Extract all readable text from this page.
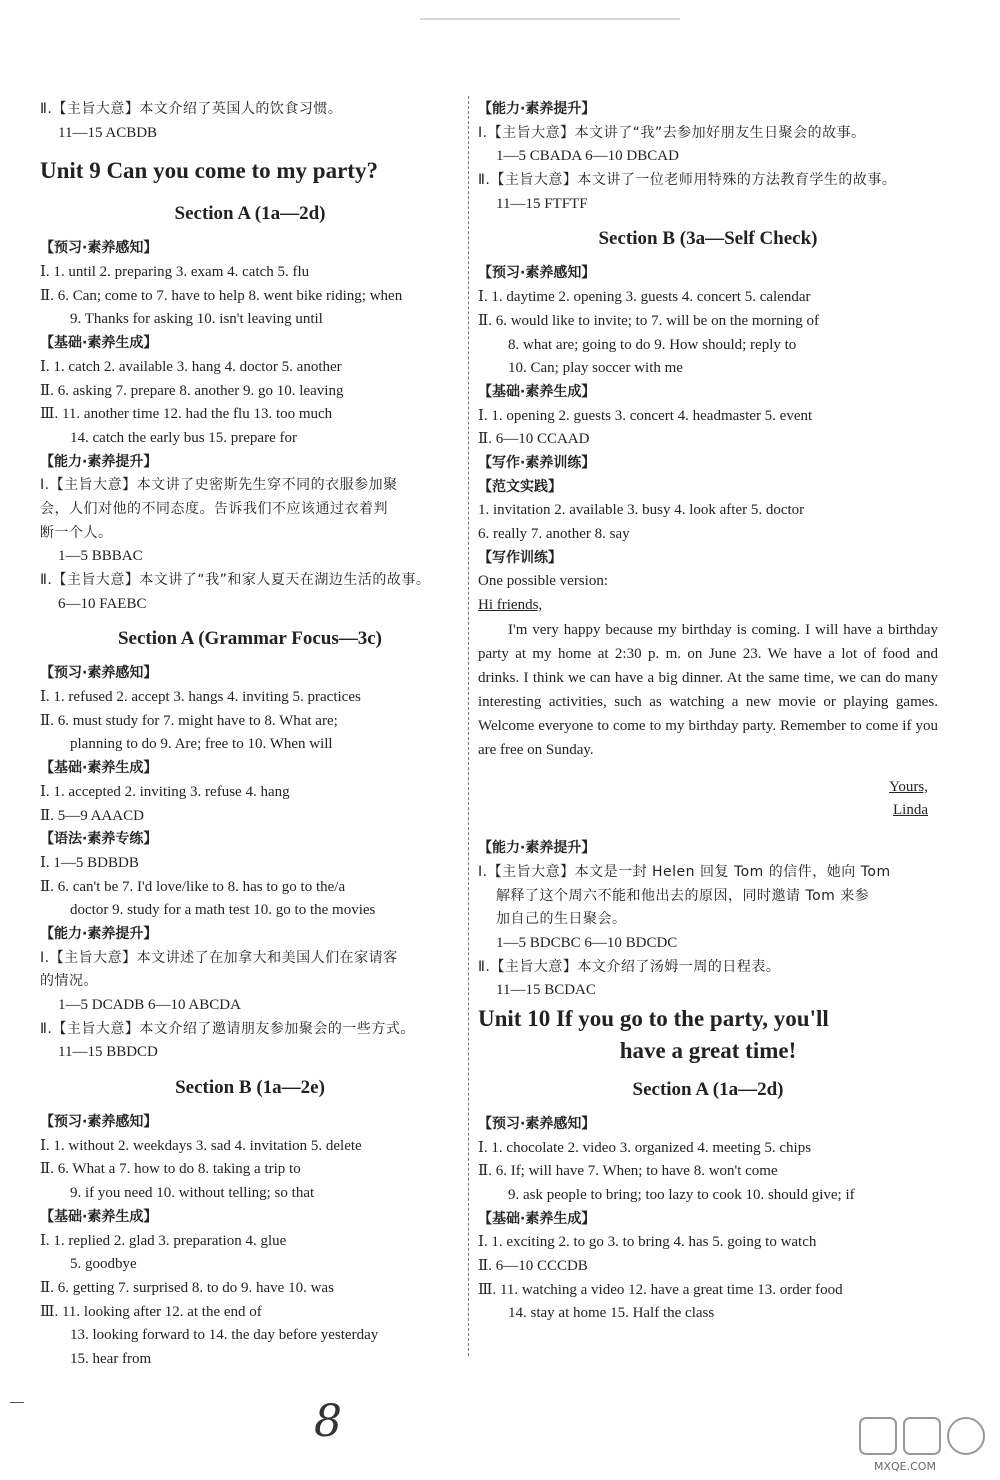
Ⅱ.【主旨大意】本文介绍了英国人的饮食习惯。
11—15 ACBDB
Unit 9 Can you come to my party?
Section A (1a—2d)
【预习·素养感知】
Ⅰ. 1. until 2. preparing 3. exam 4. catch 5. flu
Ⅱ. 6. Can; come to 7. have to help 8. went bike riding; when
9. Thanks for asking 10. isn't leaving until
【基础·素养生成】
Ⅰ. 1. catch 2. available 3. hang 4. doctor 5. another
Ⅱ. 6. asking 7. prepare 8. another 9. go 10. leaving
Ⅲ. 11. another time 12. had the flu 13. too much
14. catch the early bus 15. prepare for
【能力·素养提升】
Ⅰ.【主旨大意】本文讲了史密斯先生穿不同的衣服参加聚
会，人们对他的不同态度。告诉我们不应该通过衣着判
断一个人。
1—5 BBBAC
Ⅱ.【主旨大意】本文讲了“我”和家人夏天在湖边生活的故事。
6—10 FAEBC
Section A (Grammar Focus—3c)
【预习·素养感知】
Ⅰ. 1. refused 2. accept 3. hangs 4. inviting 5. practices
Ⅱ. 6. must study for 7. might have to 8. What are;
planning to do 9. Are; free to 10. When will
【基础·素养生成】
Ⅰ. 1. accepted 2. inviting 3. refuse 4. hang
Ⅱ. 5—9 AAACD
【语法·素养专练】
Ⅰ. 1—5 BDBDB
Ⅱ. 6. can't be 7. I'd love/like to 8. has to go to the/a
doctor 9. study for a math test 10. go to the movies
【能力·素养提升】
Ⅰ.【主旨大意】本文讲述了在加拿大和美国人们在家请客
的情况。
1—5 DCADB 6—10 ABCDA
Ⅱ.【主旨大意】本文介绍了邀请朋友参加聚会的一些方式。
11—15 BBDCD
Section B (1a—2e)
【预习·素养感知】
Ⅰ. 1. without 2. weekdays 3. sad 4. invitation 5. delete
Ⅱ. 6. What a 7. how to do 8. taking a trip to
9. if you need 10. without telling; so that
【基础·素养生成】
Ⅰ. 1. replied 2. glad 3. preparation 4. glue
5. goodbye
Ⅱ. 6. getting 7. surprised 8. to do 9. have 10. was
Ⅲ. 11. looking after 12. at the end of
13. looking forward to 14. the day before yesterday
15. hear from
【能力·素养提升】
Ⅰ.【主旨大意】本文讲了“我”去参加好朋友生日聚会的故事。
1—5 CBADA 6—10 DBCAD
Ⅱ.【主旨大意】本文讲了一位老师用特殊的方法教育学生的故事。
11—15 FTFTF
Section B (3a—Self Check)
【预习·素养感知】
Ⅰ. 1. daytime 2. opening 3. guests 4. concert 5. calendar
Ⅱ. 6. would like to invite; to 7. will be on the morning of
8. what are; going to do 9. How should; reply to
10. Can; play soccer with me
【基础·素养生成】
Ⅰ. 1. opening 2. guests 3. concert 4. headmaster 5. event
Ⅱ. 6—10 CCAAD
【写作·素养训练】
【范文实践】
1. invitation 2. available 3. busy 4. look after 5. doctor
6. really 7. another 8. say
【写作训练】
One possible version:
Hi friends,

I'm very happy because my birthday is coming. I will have a birthday party at my home at 2:30 p. m. on June 23. We have a lot of food and drinks. I think we can have a big dinner. At the same time, we can do many interesting activities, such as watching a new movie or playing games. Welcome everyone to come to my birthday party. Remember to come if you are free on Sunday.

Yours,
Linda
【能力·素养提升】
Ⅰ.【主旨大意】本文是一封 Helen 回复 Tom 的信件，她向 Tom
解释了这个周六不能和他出去的原因，同时邀请 Tom 来参
加自己的生日聚会。
1—5 BDCBC 6—10 BDCDC
Ⅱ.【主旨大意】本文介绍了汤姆一周的日程表。
11—15 BCDAC
Unit 10 If you go to the party, you'll
have a great time!
Section A (1a—2d)
【预习·素养感知】
Ⅰ. 1. chocolate 2. video 3. organized 4. meeting 5. chips
Ⅱ. 6. If; will have 7. When; to have 8. won't come
9. ask people to bring; too lazy to cook 10. should give; if
【基础·素养生成】
Ⅰ. 1. exciting 2. to go 3. to bring 4. has 5. going to watch
Ⅱ. 6—10 CCCDB
Ⅲ. 11. watching a video 12. have a great time 13. order food
14. stay at home 15. Half the class
8
MXQE.COM
